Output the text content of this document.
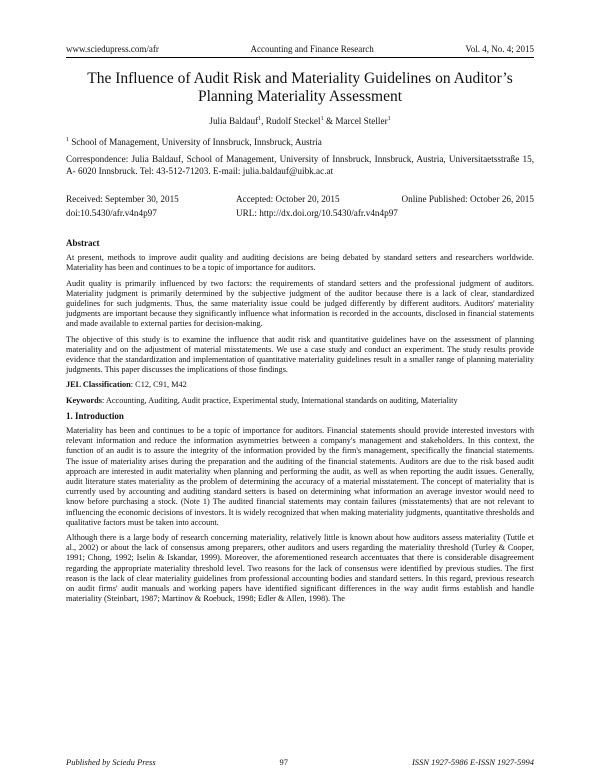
www.sciedupress.com/afr	Accounting and Finance Research	Vol. 4, No. 4; 2015
The Influence of Audit Risk and Materiality Guidelines on Auditor’s
Planning Materiality Assessment
Julia Baldauf$^1$, Rudolf Steckel$^1$ & Marcel Steller$^1$
$^1$ School of Management, University of Innsbruck, Innsbruck, Austria
Correspondence: Julia Baldauf, School of Management, University of Innsbruck, Innsbruck, Austria, Universitaetsstraße 15, A- 6020 Innsbruck. Tel: 43-512-71203. E-mail: julia.baldauf@uibk.ac.at
Received: September 30, 2015	Accepted: October 20, 2015	Online Published: October 26, 2015
doi:10.5430/afr.v4n4p97	URL: http://dx.doi.org/10.5430/afr.v4n4p97
Abstract
At present, methods to improve audit quality and auditing decisions are being debated by standard setters and researchers worldwide. Materiality has been and continues to be a topic of importance for auditors.
Audit quality is primarily influenced by two factors: the requirements of standard setters and the professional judgment of auditors. Materiality judgment is primarily determined by the subjective judgment of the auditor because there is a lack of clear, standardized guidelines for such judgments. Thus, the same materiality issue could be judged differently by different auditors. Auditors' materiality judgments are important because they significantly influence what information is recorded in the accounts, disclosed in financial statements and made available to external parties for decision-making.
The objective of this study is to examine the influence that audit risk and quantitative guidelines have on the assessment of planning materiality and on the adjustment of material misstatements. We use a case study and conduct an experiment. The study results provide evidence that the standardization and implementation of quantitative materiality guidelines result in a smaller range of planning materiality judgments. This paper discusses the implications of those findings.
JEL Classification: C12, C91, M42
Keywords: Accounting, Auditing, Audit practice, Experimental study, International standards on auditing, Materiality
1. Introduction
Materiality has been and continues to be a topic of importance for auditors. Financial statements should provide interested investors with relevant information and reduce the information asymmetries between a company's management and stakeholders. In this context, the function of an audit is to assure the integrity of the information provided by the firm's management, specifically the financial statements. The issue of materiality arises during the preparation and the auditing of the financial statements. Auditors are due to the risk based audit approach are interested in audit materiality when planning and performing the audit, as well as when reporting the audit issues. Generally, audit literature states materiality as the problem of determining the accuracy of a material misstatement. The concept of materiality that is currently used by accounting and auditing standard setters is based on determining what information an average investor would need to know before purchasing a stock. (Note 1) The audited financial statements may contain failures (misstatements) that are not relevant to influencing the economic decisions of investors. It is widely recognized that when making materiality judgments, quantitative thresholds and qualitative factors must be taken into account.
Although there is a large body of research concerning materiality, relatively little is known about how auditors assess materiality (Tuttle et al., 2002) or about the lack of consensus among preparers, other auditors and users regarding the materiality threshold (Turley & Cooper, 1991; Chong, 1992; Iselin & Iskandar, 1999). Moreover, the aforementioned research accentuates that there is considerable disagreement regarding the appropriate materiality threshold level. Two reasons for the lack of consensus were identified by previous studies. The first reason is the lack of clear materiality guidelines from professional accounting bodies and standard setters. In this regard, previous research on audit firms' audit manuals and working papers have identified significant differences in the way audit firms establish and handle materiality (Steinbart, 1987; Martinov & Roebuck, 1998; Edler & Allen, 1998). The
Published by Sciedu Press	97	ISSN 1927-5986 E-ISSN 1927-5994
